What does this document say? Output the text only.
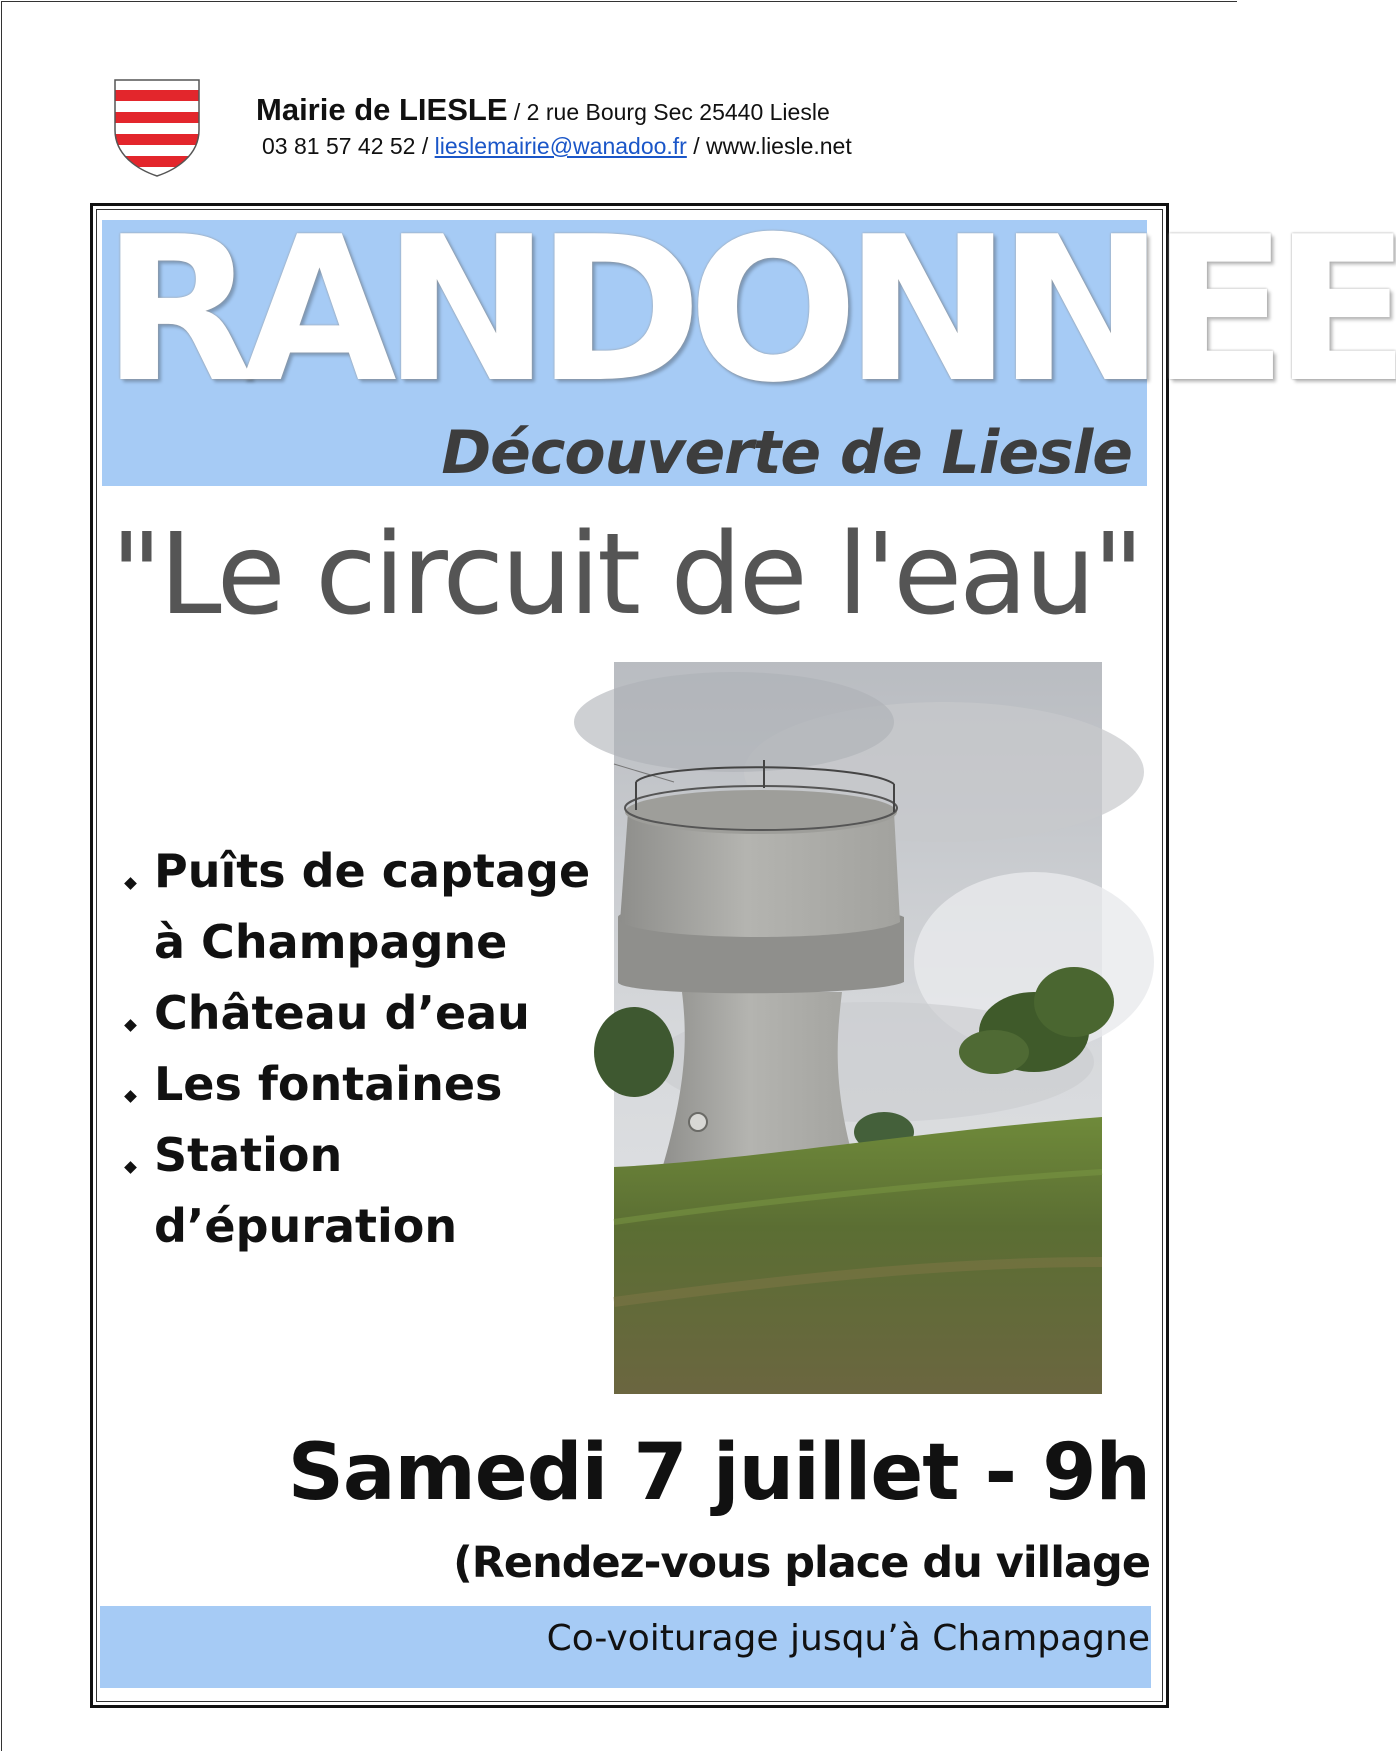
Mairie de LIESLE / 2 rue Bourg Sec 25440 Liesle
03 81 57 42 52 / lieslemairie@wanadoo.fr / www.liesle.net
RANDONNEE
Découverte de Liesle
"Le circuit de l'eau"
Puîts de captage
à Champagne
Château d’eau
Les fontaines
Station
d’épuration
Samedi 7 juillet - 9h
(Rendez-vous place du village
Co-voiturage jusqu’à Champagne
